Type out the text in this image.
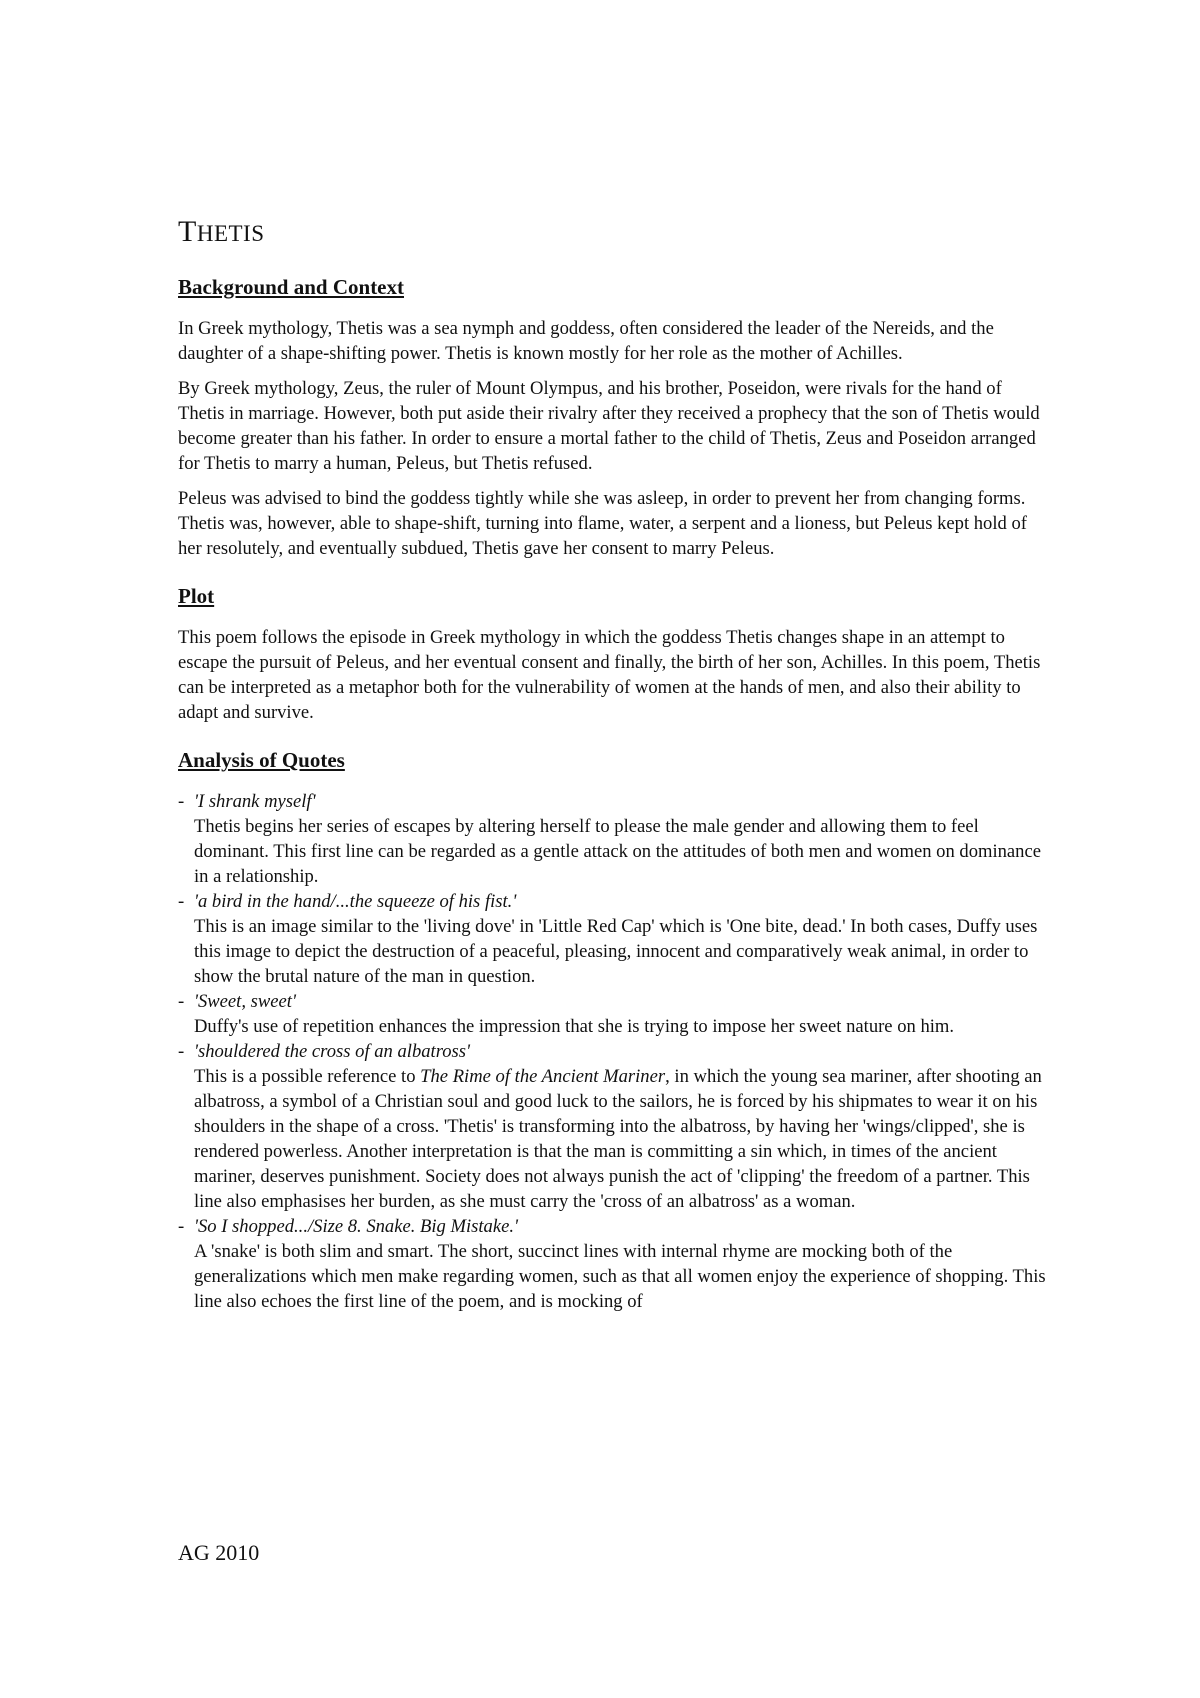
THETIS
Background and Context

In Greek mythology, Thetis was a sea nymph and goddess, often considered the leader of the Nereids, and the daughter of a shape-shifting power. Thetis is known mostly for her role as the mother of Achilles.

By Greek mythology, Zeus, the ruler of Mount Olympus, and his brother, Poseidon, were rivals for the hand of Thetis in marriage. However, both put aside their rivalry after they received a prophecy that the son of Thetis would become greater than his father. In order to ensure a mortal father to the child of Thetis, Zeus and Poseidon arranged for Thetis to marry a human, Peleus, but Thetis refused.

Peleus was advised to bind the goddess tightly while she was asleep, in order to prevent her from changing forms. Thetis was, however, able to shape-shift, turning into flame, water, a serpent and a lioness, but Peleus kept hold of her resolutely, and eventually subdued, Thetis gave her consent to marry Peleus.

Plot

This poem follows the episode in Greek mythology in which the goddess Thetis changes shape in an attempt to escape the pursuit of Peleus, and her eventual consent and finally, the birth of her son, Achilles. In this poem, Thetis can be interpreted as a metaphor both for the vulnerability of women at the hands of men, and also their ability to adapt and survive.

Analysis of Quotes
- 'I shrank myself'
Thetis begins her series of escapes by altering herself to please the male gender and allowing them to feel dominant. This first line can be regarded as a gentle attack on the attitudes of both men and women on dominance in a relationship.
- 'a bird in the hand/...the squeeze of his fist.'
This is an image similar to the 'living dove' in 'Little Red Cap' which is 'One bite, dead.' In both cases, Duffy uses this image to depict the destruction of a peaceful, pleasing, innocent and comparatively weak animal, in order to show the brutal nature of the man in question.
- 'Sweet, sweet'
Duffy's use of repetition enhances the impression that she is trying to impose her sweet nature on him.
- 'shouldered the cross of an albatross'
This is a possible reference to The Rime of the Ancient Mariner, in which the young sea mariner, after shooting an albatross, a symbol of a Christian soul and good luck to the sailors, he is forced by his shipmates to wear it on his shoulders in the shape of a cross. 'Thetis' is transforming into the albatross, by having her 'wings/clipped', she is rendered powerless. Another interpretation is that the man is committing a sin which, in times of the ancient mariner, deserves punishment. Society does not always punish the act of 'clipping' the freedom of a partner. This line also emphasises her burden, as she must carry the 'cross of an albatross' as a woman.
- 'So I shopped.../Size 8. Snake. Big Mistake.'
A 'snake' is both slim and smart. The short, succinct lines with internal rhyme are mocking both of the generalizations which men make regarding women, such as that all women enjoy the experience of shopping. This line also echoes the first line of the poem, and is mocking of
AG 2010
